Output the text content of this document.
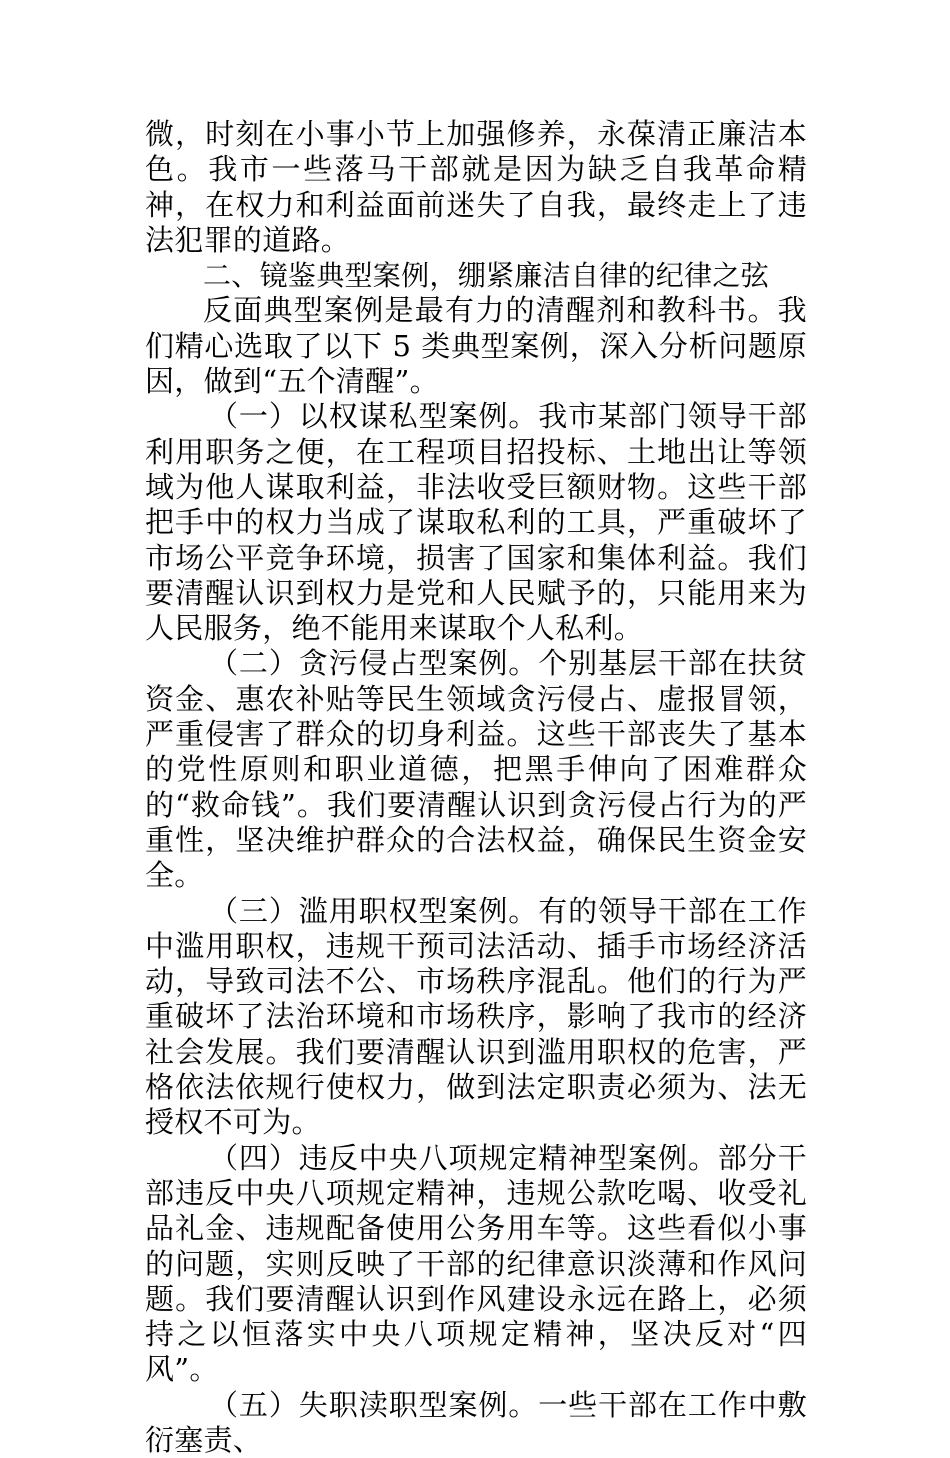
微，时刻在小事小节上加强修养，永葆清正廉洁本色。我市一些落马干部就是因为缺乏自我革命精神，在权力和利益面前迷失了自我，最终走上了违法犯罪的道路。

二、镜鉴典型案例，绷紧廉洁自律的纪律之弦

反面典型案例是最有力的清醒剂和教科书。我们精心选取了以下 5 类典型案例，深入分析问题原因，做到“五个清醒”。

（一）以权谋私型案例。我市某部门领导干部利用职务之便，在工程项目招投标、土地出让等领域为他人谋取利益，非法收受巨额财物。这些干部把手中的权力当成了谋取私利的工具，严重破坏了市场公平竞争环境，损害了国家和集体利益。我们要清醒认识到权力是党和人民赋予的，只能用来为人民服务，绝不能用来谋取个人私利。

（二）贪污侵占型案例。个别基层干部在扶贫资金、惠农补贴等民生领域贪污侵占、虚报冒领，严重侵害了群众的切身利益。这些干部丧失了基本的党性原则和职业道德，把黑手伸向了困难群众的“救命钱”。我们要清醒认识到贪污侵占行为的严重性，坚决维护群众的合法权益，确保民生资金安全。

（三）滥用职权型案例。有的领导干部在工作中滥用职权，违规干预司法活动、插手市场经济活动，导致司法不公、市场秩序混乱。他们的行为严重破坏了法治环境和市场秩序，影响了我市的经济社会发展。我们要清醒认识到滥用职权的危害，严格依法依规行使权力，做到法定职责必须为、法无授权不可为。

（四）违反中央八项规定精神型案例。部分干部违反中央八项规定精神，违规公款吃喝、收受礼品礼金、违规配备使用公务用车等。这些看似小事的问题，实则反映了干部的纪律意识淡薄和作风问题。我们要清醒认识到作风建设永远在路上，必须持之以恒落实中央八项规定精神，坚决反对“四风”。

（五）失职渎职型案例。一些干部在工作中敷衍塞责、
